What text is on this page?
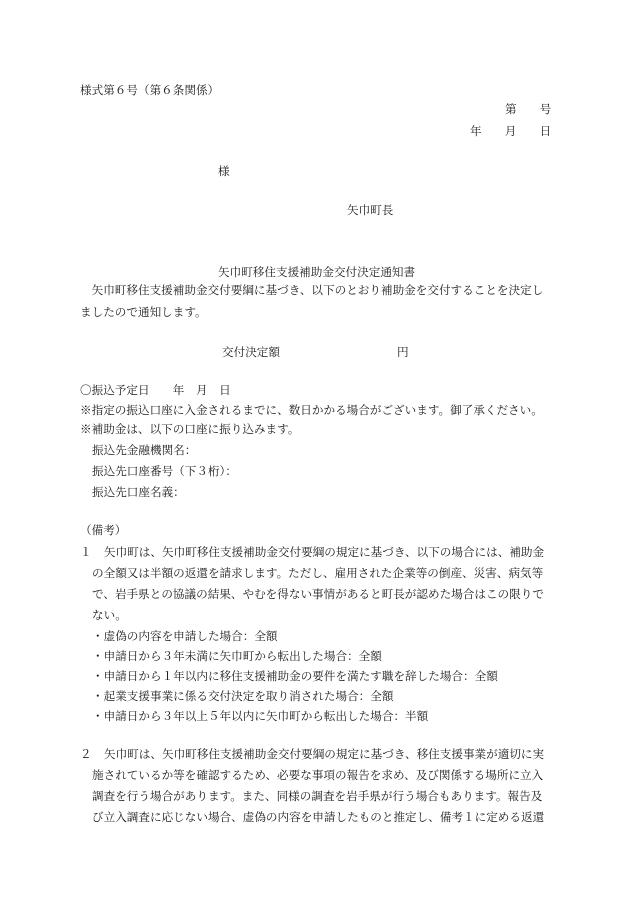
様式第６号（第６条関係）
第　　号
年　　月　　日
様
矢巾町長
矢巾町移住支援補助金交付決定通知書
　矢巾町移住支援補助金交付要綱に基づき、以下のとおり補助金を交付することを決定し
ましたので通知します。
交付決定額	円
〇振込予定日　　年　月　日
※指定の振込口座に入金されるまでに、数日かかる場合がございます。御了承ください。
※補助金は、以下の口座に振り込みます。
振込先金融機関名：
振込先口座番号（下３桁）：
振込先口座名義：
（備考）
１ 矢巾町は、矢巾町移住支援補助金交付要綱の規定に基づき、以下の場合には、補助金
の全額又は半額の返還を請求します。ただし、雇用された企業等の倒産、災害、病気等
で、岩手県との協議の結果、やむを得ない事情があると町長が認めた場合はこの限りで
ない。
・虚偽の内容を申請した場合：全額
・申請日から３年未満に矢巾町から転出した場合：全額
・申請日から１年以内に移住支援補助金の要件を満たす職を辞した場合：全額
・起業支援事業に係る交付決定を取り消された場合：全額
・申請日から３年以上５年以内に矢巾町から転出した場合：半額
２ 矢巾町は、矢巾町移住支援補助金交付要綱の規定に基づき、移住支援事業が適切に実
施されているか等を確認するため、必要な事項の報告を求め、及び関係する場所に立入
調査を行う場合があります。また、同様の調査を岩手県が行う場合もあります。報告及
び立入調査に応じない場合、虚偽の内容を申請したものと推定し、備考１に定める返還
